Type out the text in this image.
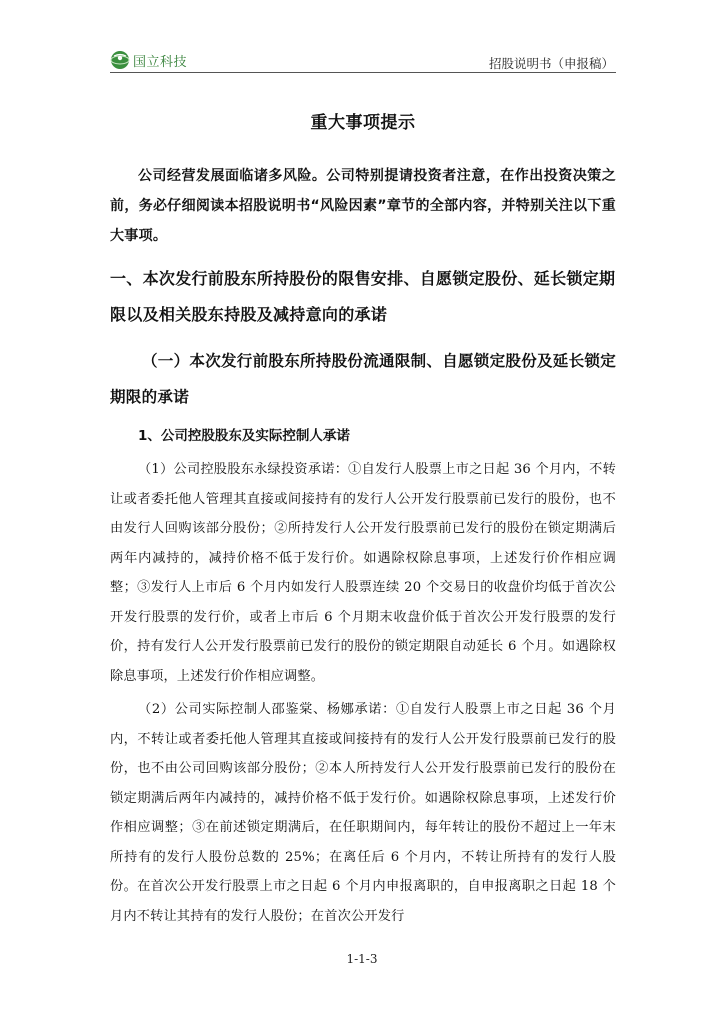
国立科技	招股说明书（申报稿）
重大事项提示

公司经营发展面临诸多风险。公司特别提请投资者注意，在作出投资决策之前，务必仔细阅读本招股说明书“风险因素”章节的全部内容，并特别关注以下重大事项。

一、本次发行前股东所持股份的限售安排、自愿锁定股份、延长锁定期限以及相关股东持股及减持意向的承诺
（一）本次发行前股东所持股份流通限制、自愿锁定股份及延长锁定期限的承诺
1、公司控股股东及实际控制人承诺

（1）公司控股股东永绿投资承诺：①自发行人股票上市之日起 36 个月内，不转让或者委托他人管理其直接或间接持有的发行人公开发行股票前已发行的股份，也不由发行人回购该部分股份；②所持发行人公开发行股票前已发行的股份在锁定期满后两年内减持的，减持价格不低于发行价。如遇除权除息事项，上述发行价作相应调整；③发行人上市后 6 个月内如发行人股票连续 20 个交易日的收盘价均低于首次公开发行股票的发行价，或者上市后 6 个月期末收盘价低于首次公开发行股票的发行价，持有发行人公开发行股票前已发行的股份的锁定期限自动延长 6 个月。如遇除权除息事项，上述发行价作相应调整。

（2）公司实际控制人邵鉴棠、杨娜承诺：①自发行人股票上市之日起 36 个月内，不转让或者委托他人管理其直接或间接持有的发行人公开发行股票前已发行的股份，也不由公司回购该部分股份；②本人所持发行人公开发行股票前已发行的股份在锁定期满后两年内减持的，减持价格不低于发行价。如遇除权除息事项，上述发行价作相应调整；③在前述锁定期满后，在任职期间内，每年转让的股份不超过上一年末所持有的发行人股份总数的 25%；在离任后 6 个月内，不转让所持有的发行人股份。在首次公开发行股票上市之日起 6 个月内申报离职的，自申报离职之日起 18 个月内不转让其持有的发行人股份；在首次公开发行

1-1-3
